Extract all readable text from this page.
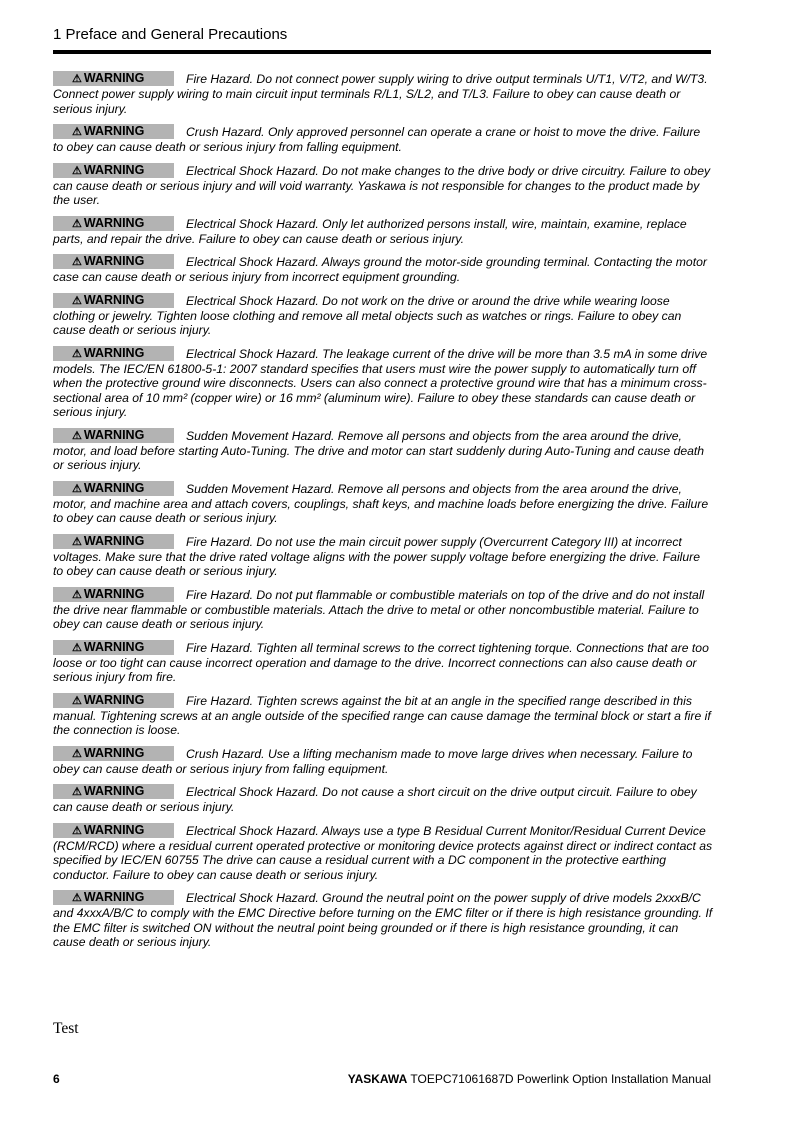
1 Preface and General Precautions
⚠ WARNING	Fire Hazard. Do not connect power supply wiring to drive output terminals U/T1, V/T2, and W/T3. Connect power supply wiring to main circuit input terminals R/L1, S/L2, and T/L3. Failure to obey can cause death or serious injury.
⚠ WARNING	Crush Hazard. Only approved personnel can operate a crane or hoist to move the drive. Failure to obey can cause death or serious injury from falling equipment.
⚠ WARNING	Electrical Shock Hazard. Do not make changes to the drive body or drive circuitry. Failure to obey can cause death or serious injury and will void warranty. Yaskawa is not responsible for changes to the product made by the user.
⚠ WARNING	Electrical Shock Hazard. Only let authorized persons install, wire, maintain, examine, replace parts, and repair the drive. Failure to obey can cause death or serious injury.
⚠ WARNING	Electrical Shock Hazard. Always ground the motor-side grounding terminal. Contacting the motor case can cause death or serious injury from incorrect equipment grounding.
⚠ WARNING	Electrical Shock Hazard. Do not work on the drive or around the drive while wearing loose clothing or jewelry. Tighten loose clothing and remove all metal objects such as watches or rings. Failure to obey can cause death or serious injury.
⚠ WARNING	Electrical Shock Hazard. The leakage current of the drive will be more than 3.5 mA in some drive models. The IEC/EN 61800-5-1: 2007 standard specifies that users must wire the power supply to automatically turn off when the protective ground wire disconnects. Users can also connect a protective ground wire that has a minimum cross-sectional area of 10 mm² (copper wire) or 16 mm² (aluminum wire). Failure to obey these standards can cause death or serious injury.
⚠ WARNING	Sudden Movement Hazard. Remove all persons and objects from the area around the drive, motor, and load before starting Auto-Tuning. The drive and motor can start suddenly during Auto-Tuning and cause death or serious injury.
⚠ WARNING	Sudden Movement Hazard. Remove all persons and objects from the area around the drive, motor, and machine area and attach covers, couplings, shaft keys, and machine loads before energizing the drive. Failure to obey can cause death or serious injury.
⚠ WARNING	Fire Hazard. Do not use the main circuit power supply (Overcurrent Category III) at incorrect voltages. Make sure that the drive rated voltage aligns with the power supply voltage before energizing the drive. Failure to obey can cause death or serious injury.
⚠ WARNING	Fire Hazard. Do not put flammable or combustible materials on top of the drive and do not install the drive near flammable or combustible materials. Attach the drive to metal or other noncombustible material. Failure to obey can cause death or serious injury.
⚠ WARNING	Fire Hazard. Tighten all terminal screws to the correct tightening torque. Connections that are too loose or too tight can cause incorrect operation and damage to the drive. Incorrect connections can also cause death or serious injury from fire.
⚠ WARNING	Fire Hazard. Tighten screws against the bit at an angle in the specified range described in this manual. Tightening screws at an angle outside of the specified range can cause damage the terminal block or start a fire if the connection is loose.
⚠ WARNING	Crush Hazard. Use a lifting mechanism made to move large drives when necessary. Failure to obey can cause death or serious injury from falling equipment.
⚠ WARNING	Electrical Shock Hazard. Do not cause a short circuit on the drive output circuit. Failure to obey can cause death or serious injury.
⚠ WARNING	Electrical Shock Hazard. Always use a type B Residual Current Monitor/Residual Current Device (RCM/RCD) where a residual current operated protective or monitoring device protects against direct or indirect contact as specified by IEC/EN 60755 The drive can cause a residual current with a DC component in the protective earthing conductor. Failure to obey can cause death or serious injury.
⚠ WARNING	Electrical Shock Hazard. Ground the neutral point on the power supply of drive models 2xxxB/C and 4xxxA/B/C to comply with the EMC Directive before turning on the EMC filter or if there is high resistance grounding. If the EMC filter is switched ON without the neutral point being grounded or if there is high resistance grounding, it can cause death or serious injury.
Test
6	YASKAWA TOEPC71061687D Powerlink Option Installation Manual
